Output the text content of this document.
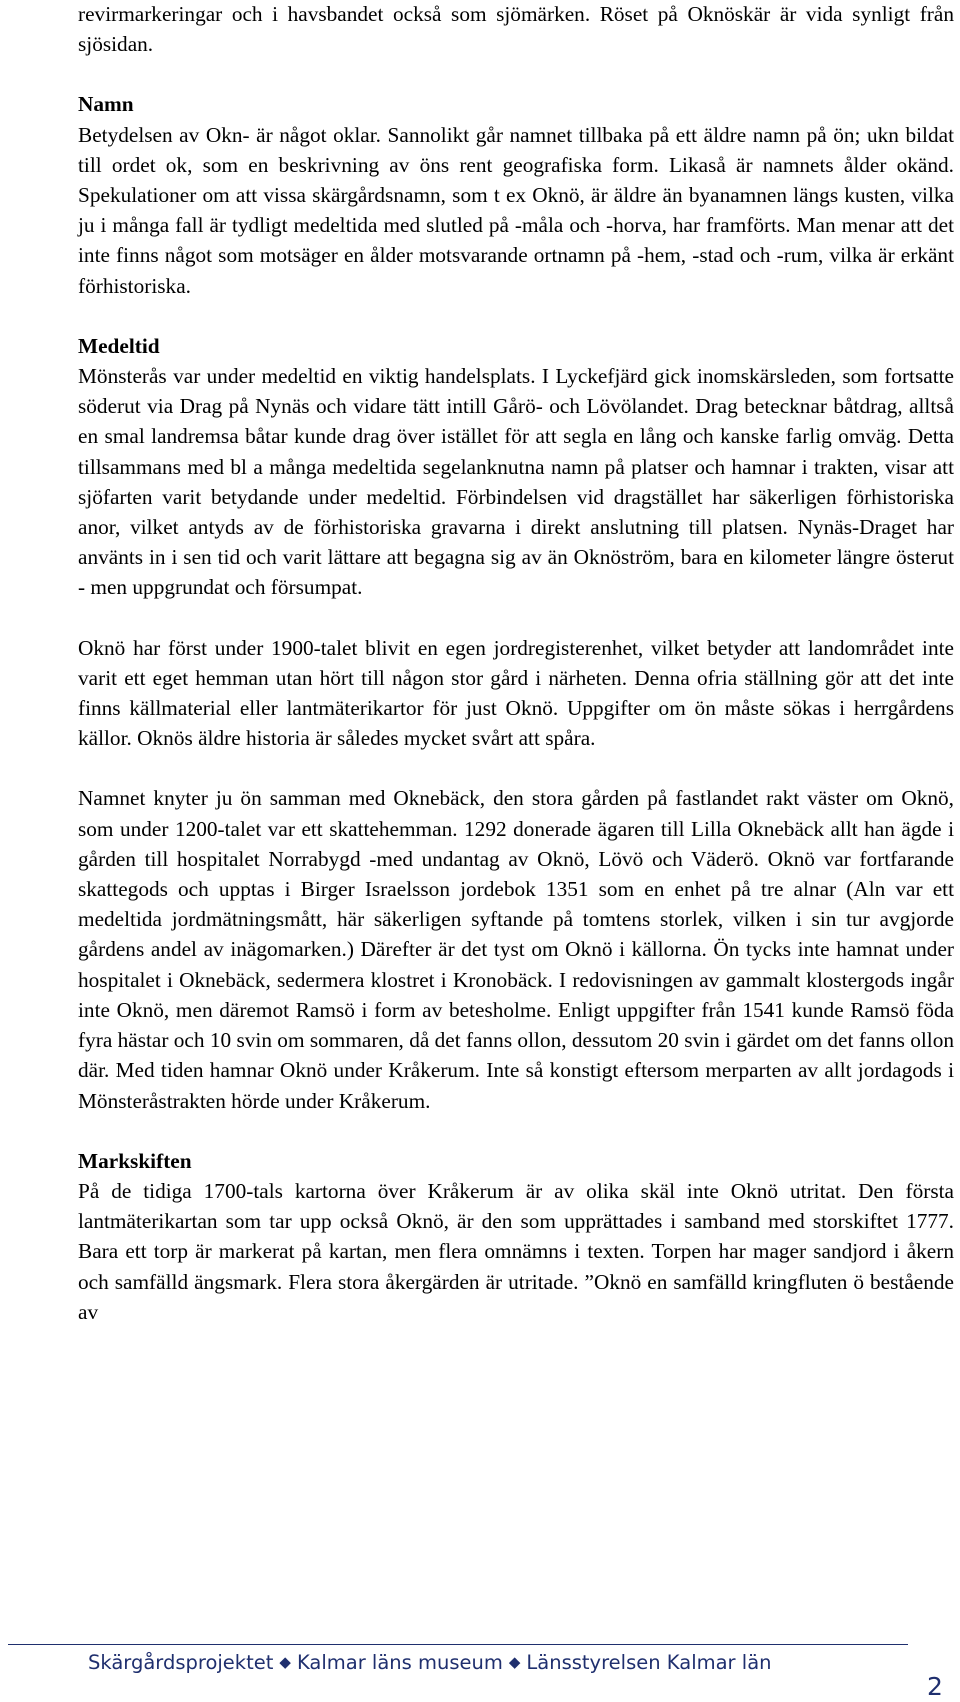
revirmarkeringar och i havsbandet också som sjömärken. Röset på Oknöskär är vida synligt från sjösidan.

Namn

Betydelsen av Okn- är något oklar. Sannolikt går namnet tillbaka på ett äldre namn på ön; ukn bildat till ordet ok, som en beskrivning av öns rent geografiska form. Likaså är namnets ålder okänd. Spekulationer om att vissa skärgårdsnamn, som t ex Oknö, är äldre än byanamnen längs kusten, vilka ju i många fall är tydligt medeltida med slutled på -måla och -horva, har framförts. Man menar att det inte finns något som motsäger en ålder motsvarande ortnamn på -hem, -stad och -rum, vilka är erkänt förhistoriska.

Medeltid

Mönsterås var under medeltid en viktig handelsplats. I Lyckefjärd gick inomskärsleden, som fortsatte söderut via Drag på Nynäs och vidare tätt intill Gårö- och Lövölandet. Drag betecknar båtdrag, alltså en smal landremsa båtar kunde drag över istället för att segla en lång och kanske farlig omväg. Detta tillsammans med bl a många medeltida segelanknutna namn på platser och hamnar i trakten, visar att sjöfarten varit betydande under medeltid. Förbindelsen vid dragstället har säkerligen förhistoriska anor, vilket antyds av de förhistoriska gravarna i direkt anslutning till platsen. Nynäs-Draget har använts in i sen tid och varit lättare att begagna sig av än Oknöström, bara en kilometer längre österut - men uppgrundat och försumpat.

Oknö har först under 1900-talet blivit en egen jordregisterenhet, vilket betyder att landområdet inte varit ett eget hemman utan hört till någon stor gård i närheten. Denna ofria ställning gör att det inte finns källmaterial eller lantmäterikartor för just Oknö. Uppgifter om ön måste sökas i herrgårdens källor. Oknös äldre historia är således mycket svårt att spåra.

Namnet knyter ju ön samman med Oknebäck, den stora gården på fastlandet rakt väster om Oknö, som under 1200-talet var ett skattehemman. 1292 donerade ägaren till Lilla Oknebäck allt han ägde i gården till hospitalet Norrabygd -med undantag av Oknö, Lövö och Väderö. Oknö var fortfarande skattegods och upptas i Birger Israelsson jordebok 1351 som en enhet på tre alnar (Aln var ett medeltida jordmätningsmått, här säkerligen syftande på tomtens storlek, vilken i sin tur avgjorde gårdens andel av inägomarken.) Därefter är det tyst om Oknö i källorna. Ön tycks inte hamnat under hospitalet i Oknebäck, sedermera klostret i Kronobäck. I redovisningen av gammalt klostergods ingår inte Oknö, men däremot Ramsö i form av betesholme. Enligt uppgifter från 1541 kunde Ramsö föda fyra hästar och 10 svin om sommaren, då det fanns ollon, dessutom 20 svin i gärdet om det fanns ollon där. Med tiden hamnar Oknö under Kråkerum. Inte så konstigt eftersom merparten av allt jordagods i Mönsteråstrakten hörde under Kråkerum.

Markskiften

På de tidiga 1700-tals kartorna över Kråkerum är av olika skäl inte Oknö utritat. Den första lantmäterikartan som tar upp också Oknö, är den som upprättades i samband med storskiftet 1777. Bara ett torp är markerat på kartan, men flera omnämns i texten. Torpen har mager sandjord i åkern och samfälld ängsmark. Flera stora åkergärden är utritade. ”Oknö en samfälld kringfluten ö bestående av

Skärgårdsprojektet ◆ Kalmar läns museum ◆ Länsstyrelsen Kalmar län
2
